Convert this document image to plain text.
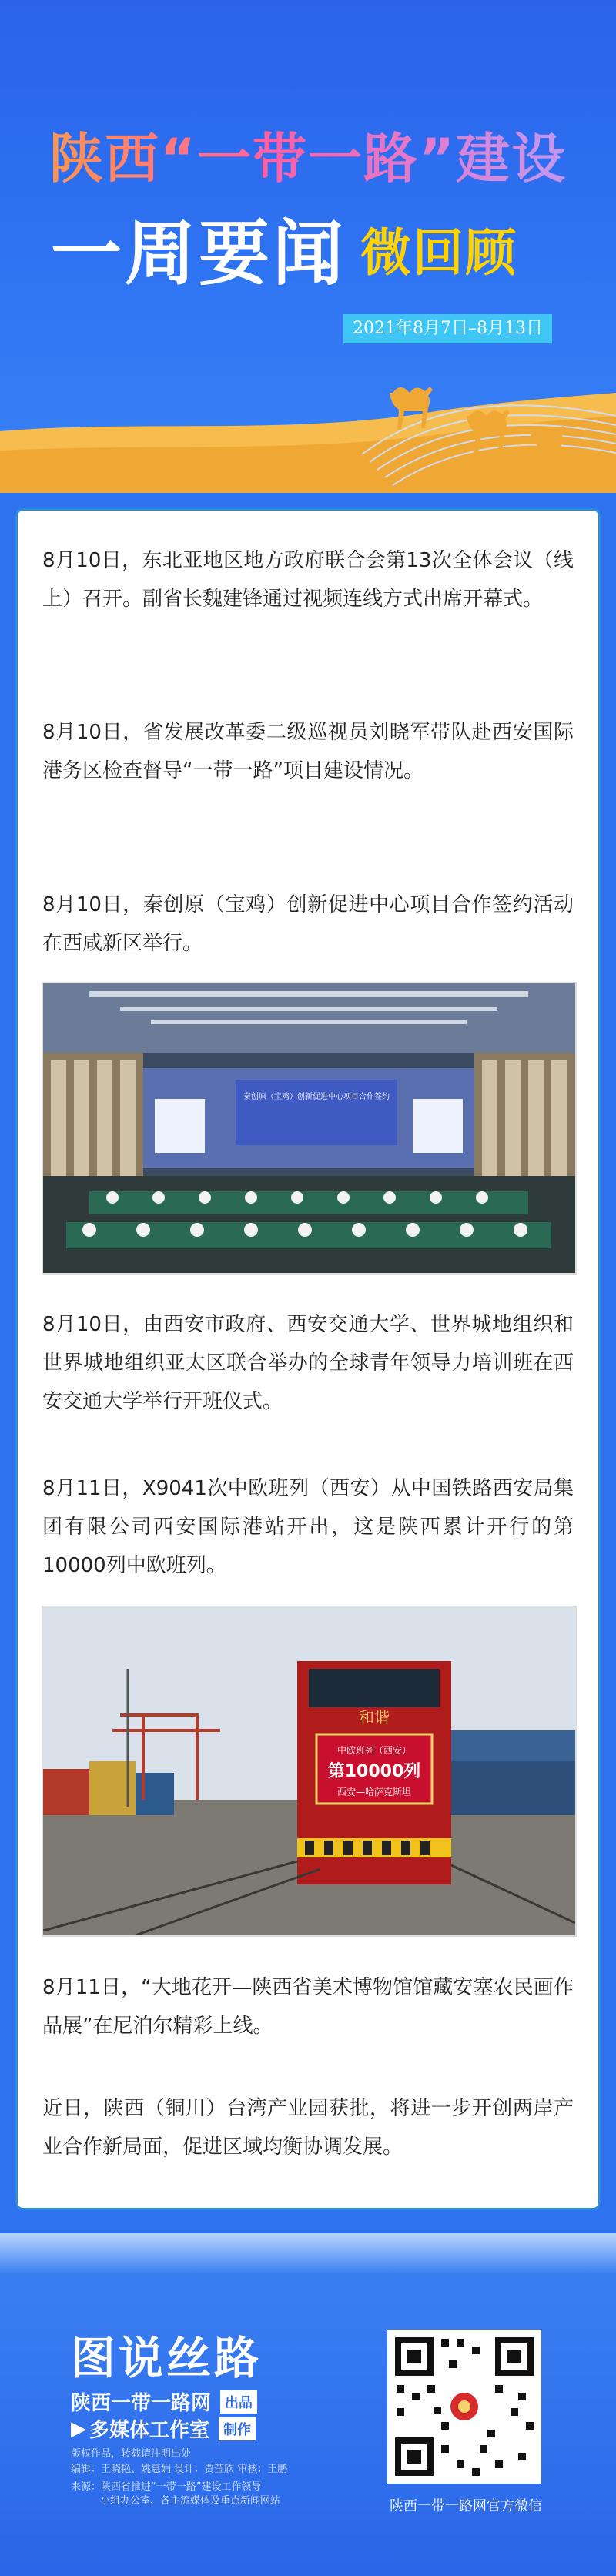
陕西“一带一路”建设
一周要闻 微回顾
2021年8月7日–8月13日

8月10日，东北亚地区地方政府联合会第13次全体会议（线上）召开。副省长魏建锋通过视频连线方式出席开幕式。

8月10日，省发展改革委二级巡视员刘晓军带队赴西安国际港务区检查督导“一带一路”项目建设情况。

8月10日，秦创原（宝鸡）创新促进中心项目合作签约活动在西咸新区举行。

秦创原（宝鸡）创新促进中心项目合作签约

8月10日，由西安市政府、西安交通大学、世界城地组织和世界城地组织亚太区联合举办的全球青年领导力培训班在西安交通大学举行开班仪式。

8月11日，X9041次中欧班列（西安）从中国铁路西安局集团有限公司西安国际港站开出，这是陕西累计开行的第10000列中欧班列。

和谐
中欧班列（西安）
第10000列
西安—哈萨克斯坦

8月11日，“大地花开—陕西省美术博物馆馆藏安塞农民画作品展”在尼泊尔精彩上线。

近日，陕西（铜川）台湾产业园获批，将进一步开创两岸产业合作新局面，促进区域均衡协调发展。

图说丝路
陕西一带一路网	出品
▶ 多媒体工作室	制作
版权作品，转载请注明出处
编辑：王晓艳、姚惠娟 设计：贾莹欣 审核：王鹏
来源：陕西省推进“一带一路”建设工作领导
小组办公室、各主流媒体及重点新闻网站	陕西一带一路网官方微信
